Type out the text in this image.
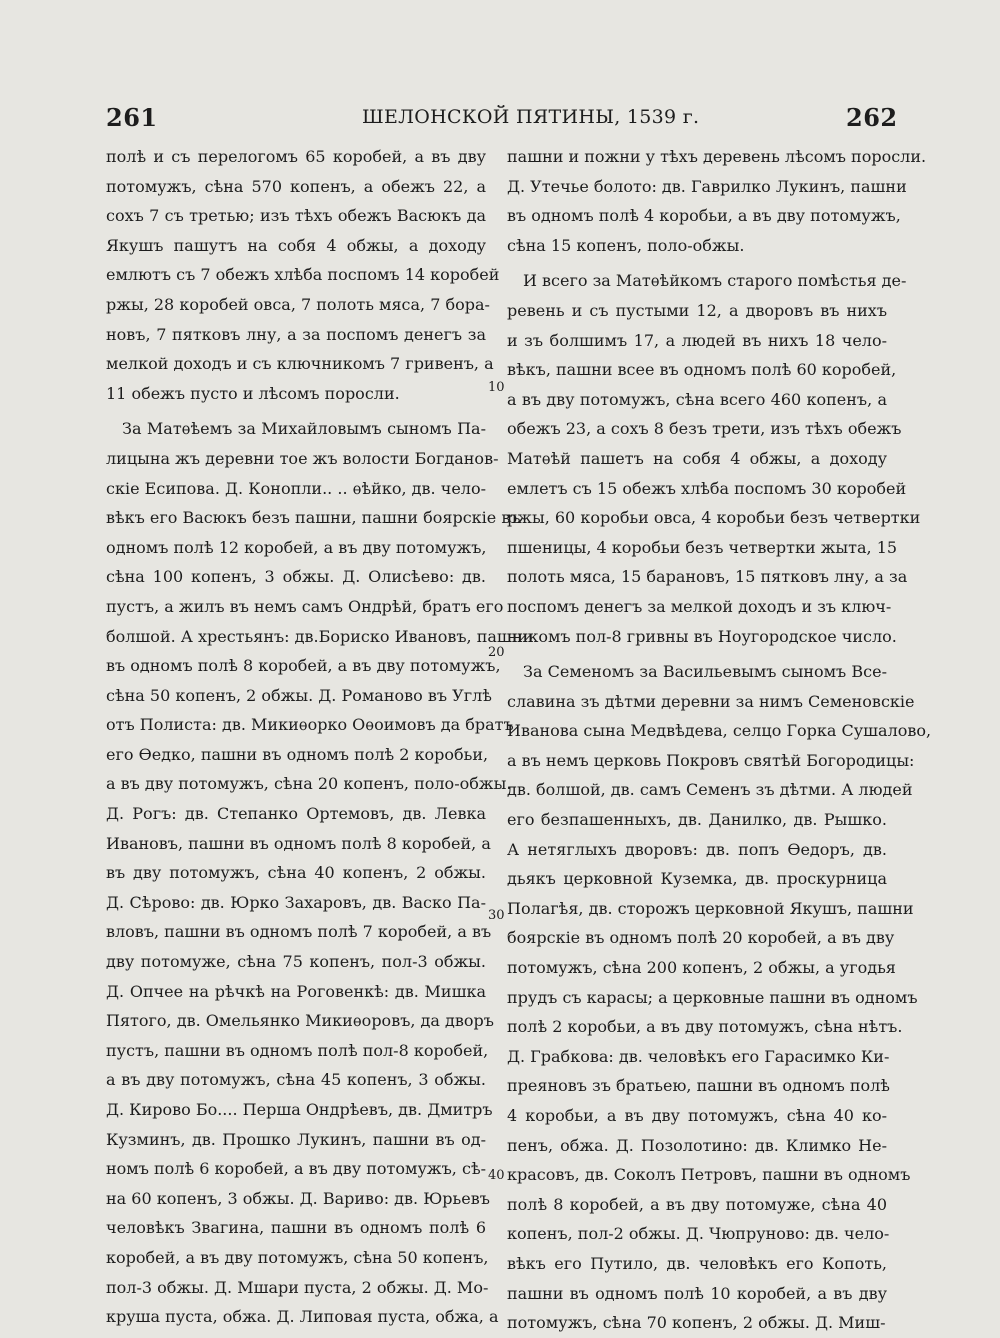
261	ШЕЛОНСКОЙ ПЯТИНЫ, 1539 г.	262
полѣ и съ перелогомъ 65 коробей, а въ дву
потомужъ, сѣна 570 копенъ, а обежъ 22, а
сохъ 7 съ третью; изъ тѣхъ обежъ Васюкъ да
Якушъ пашутъ на собя 4 обжы, а доходу
емлютъ съ 7 обежъ хлѣба поспомъ 14 коробей
ржы, 28 коробей овса, 7 полоть мяса, 7 бора-
новъ, 7 пятковъ лну, а за поспомъ денегъ за
мелкой доходъ и съ ключникомъ 7 гривенъ, а
11 обежъ пусто и лѣсомъ поросли.
За Матѳѣемъ за Михайловымъ сыномъ Па-
лицына жъ деревни тое жъ волости Богданов-
скіе Есипова. Д. Конопли.. .. ѳѣйко, дв. чело-
вѣкъ его Васюкъ безъ пашни, пашни боярскіе въ
одномъ полѣ 12 коробей, а въ дву потомужъ,
сѣна 100 копенъ, 3 обжы. Д. Олисѣево: дв.
пустъ, а жилъ въ немъ самъ Ондрѣй, братъ его
болшой. А хрестьянъ: дв.Бориско Ивановъ, пашни
въ одномъ полѣ 8 коробей, а въ дву потомужъ,
сѣна 50 копенъ, 2 обжы. Д. Романово въ Углѣ
отъ Полиста: дв. Микиѳорко Оѳоимовъ да братъ
его Ѳедко, пашни въ одномъ полѣ 2 коробьи,
а въ дву потомужъ, сѣна 20 копенъ, поло-обжы.
Д. Рогъ: дв. Степанко Ортемовъ, дв. Левка
Ивановъ, пашни въ одномъ полѣ 8 коробей, а
въ дву потомужъ, сѣна 40 копенъ, 2 обжы.
Д. Сѣрово: дв. Юрко Захаровъ, дв. Васко Па-
вловъ, пашни въ одномъ полѣ 7 коробей, а въ
дву потомуже, сѣна 75 копенъ, пол-3 обжы.
Д. Опчее на рѣчкѣ на Роговенкѣ: дв. Мишка
Пятого, дв. Омельянко Микиѳоровъ, да дворъ
пустъ, пашни въ одномъ полѣ пол-8 коробей,
а въ дву потомужъ, сѣна 45 копенъ, 3 обжы.
Д. Кирово Бо.... Перша Ондрѣевъ, дв. Дмитръ
Кузминъ, дв. Прошко Лукинъ, пашни въ од-
номъ полѣ 6 коробей, а въ дву потомужъ, сѣ-
на 60 копенъ, 3 обжы. Д. Вариво: дв. Юрьевъ
человѣкъ Звагина, пашни въ одномъ полѣ 6
коробей, а въ дву потомужъ, сѣна 50 копенъ,
пол-3 обжы. Д. Мшари пуста, 2 обжы. Д. Мо-
круша пуста, обжа. Д. Липовая пуста, обжа, а
пашни и пожни у тѣхъ деревень лѣсомъ поросли.
Д. Утечье болото: дв. Гаврилко Лукинъ, пашни
въ одномъ полѣ 4 коробьи, а въ дву потомужъ,
сѣна 15 копенъ, поло-обжы.
И всего за Матѳѣйкомъ старого помѣстья де-
ревень и съ пустыми 12, а дворовъ въ нихъ
и зъ болшимъ 17, а людей въ нихъ 18 чело-
вѣкъ, пашни всее въ одномъ полѣ 60 коробей,
а въ дву потомужъ, сѣна всего 460 копенъ, а
обежъ 23, а сохъ 8 безъ трети, изъ тѣхъ обежъ
Матѳѣй пашетъ на собя 4 обжы, а доходу
емлетъ съ 15 обежъ хлѣба поспомъ 30 коробей
ржы, 60 коробьи овса, 4 коробьи безъ четвертки
пшеницы, 4 коробьи безъ четвертки жыта, 15
полоть мяса, 15 барановъ, 15 пятковъ лну, а за
поспомъ денегъ за мелкой доходъ и зъ ключ-
никомъ пол-8 гривны въ Ноугородское число.
За Семеномъ за Васильевымъ сыномъ Все-
славина зъ дѣтми деревни за нимъ Семеновскіе
Иванова сына Медвѣдева, селцо Горка Сушалово,
а въ немъ церковь Покровъ святѣй Богородицы:
дв. болшой, дв. самъ Семенъ зъ дѣтми. А людей
его безпашенныхъ, дв. Данилко, дв. Рышко.
А нетяглыхъ дворовъ: дв. попъ Ѳедоръ, дв.
дьякъ церковной Куземка, дв. проскурница
Полагѣя, дв. сторожъ церковной Якушъ, пашни
боярскіе въ одномъ полѣ 20 коробей, а въ дву
потомужъ, сѣна 200 копенъ, 2 обжы, а угодья
прудъ съ карасы; а церковные пашни въ одномъ
полѣ 2 коробьи, а въ дву потомужъ, сѣна нѣтъ.
Д. Грабкова: дв. человѣкъ его Гарасимко Ки-
преяновъ зъ братьею, пашни въ одномъ полѣ
4 коробьи, а въ дву потомужъ, сѣна 40 ко-
пенъ, обжа. Д. Позолотино: дв. Климко Не-
красовъ, дв. Соколъ Петровъ, пашни въ одномъ
полѣ 8 коробей, а въ дву потомуже, сѣна 40
копенъ, пол-2 обжы. Д. Чюпруново: дв. чело-
вѣкъ его Путило, дв. человѣкъ его Копоть,
пашни въ одномъ полѣ 10 коробей, а въ дву
потомужъ, сѣна 70 копенъ, 2 обжы. Д. Миш-
10
20
30
40
